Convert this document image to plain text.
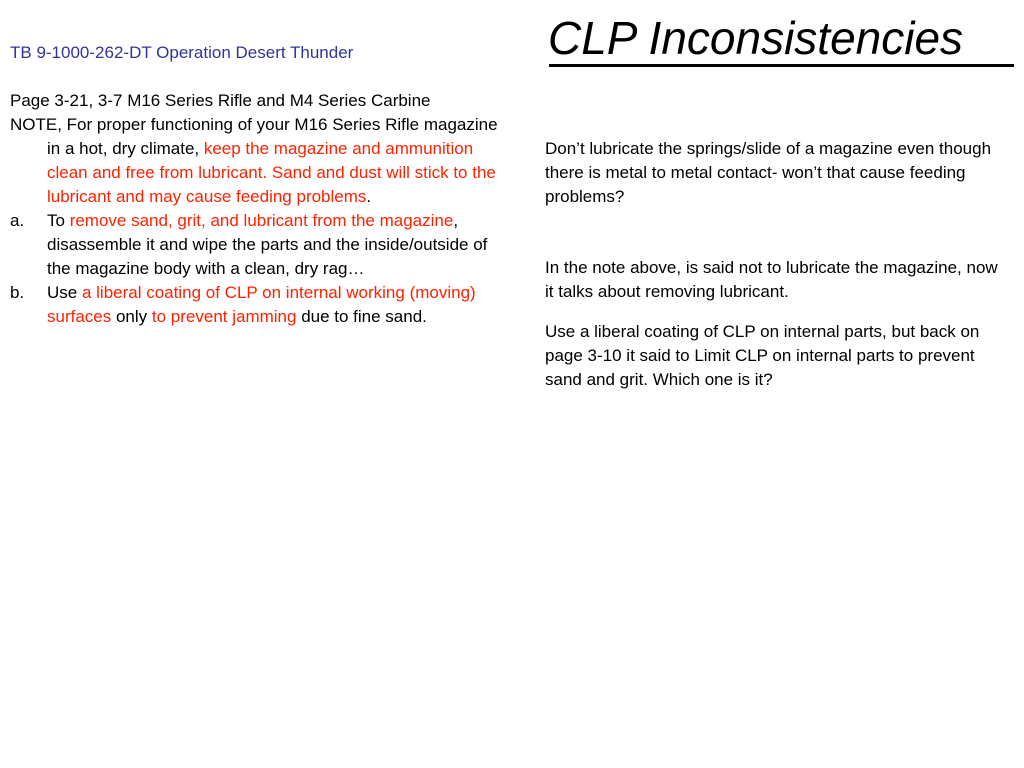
CLP Inconsistencies
TB 9-1000-262-DT Operation Desert Thunder
Page 3-21, 3-7 M16 Series Rifle and M4 Series Carbine
NOTE, For proper functioning of your M16 Series Rifle magazine in a hot, dry climate, keep the magazine and ammunition clean and free from lubricant. Sand and dust will stick to the lubricant and may cause feeding problems.
a. To remove sand, grit, and lubricant from the magazine, disassemble it and wipe the parts and the inside/outside of the magazine body with a clean, dry rag…
b. Use a liberal coating of CLP on internal working (moving) surfaces only to prevent jamming due to fine sand.

Don’t lubricate the springs/slide of a magazine even though there is metal to metal contact- won’t that cause feeding problems?

In the note above, is said not to lubricate the magazine, now it talks about removing lubricant.

Use a liberal coating of CLP on internal parts, but back on page 3-10 it said to Limit CLP on internal parts to prevent sand and grit. Which one is it?
